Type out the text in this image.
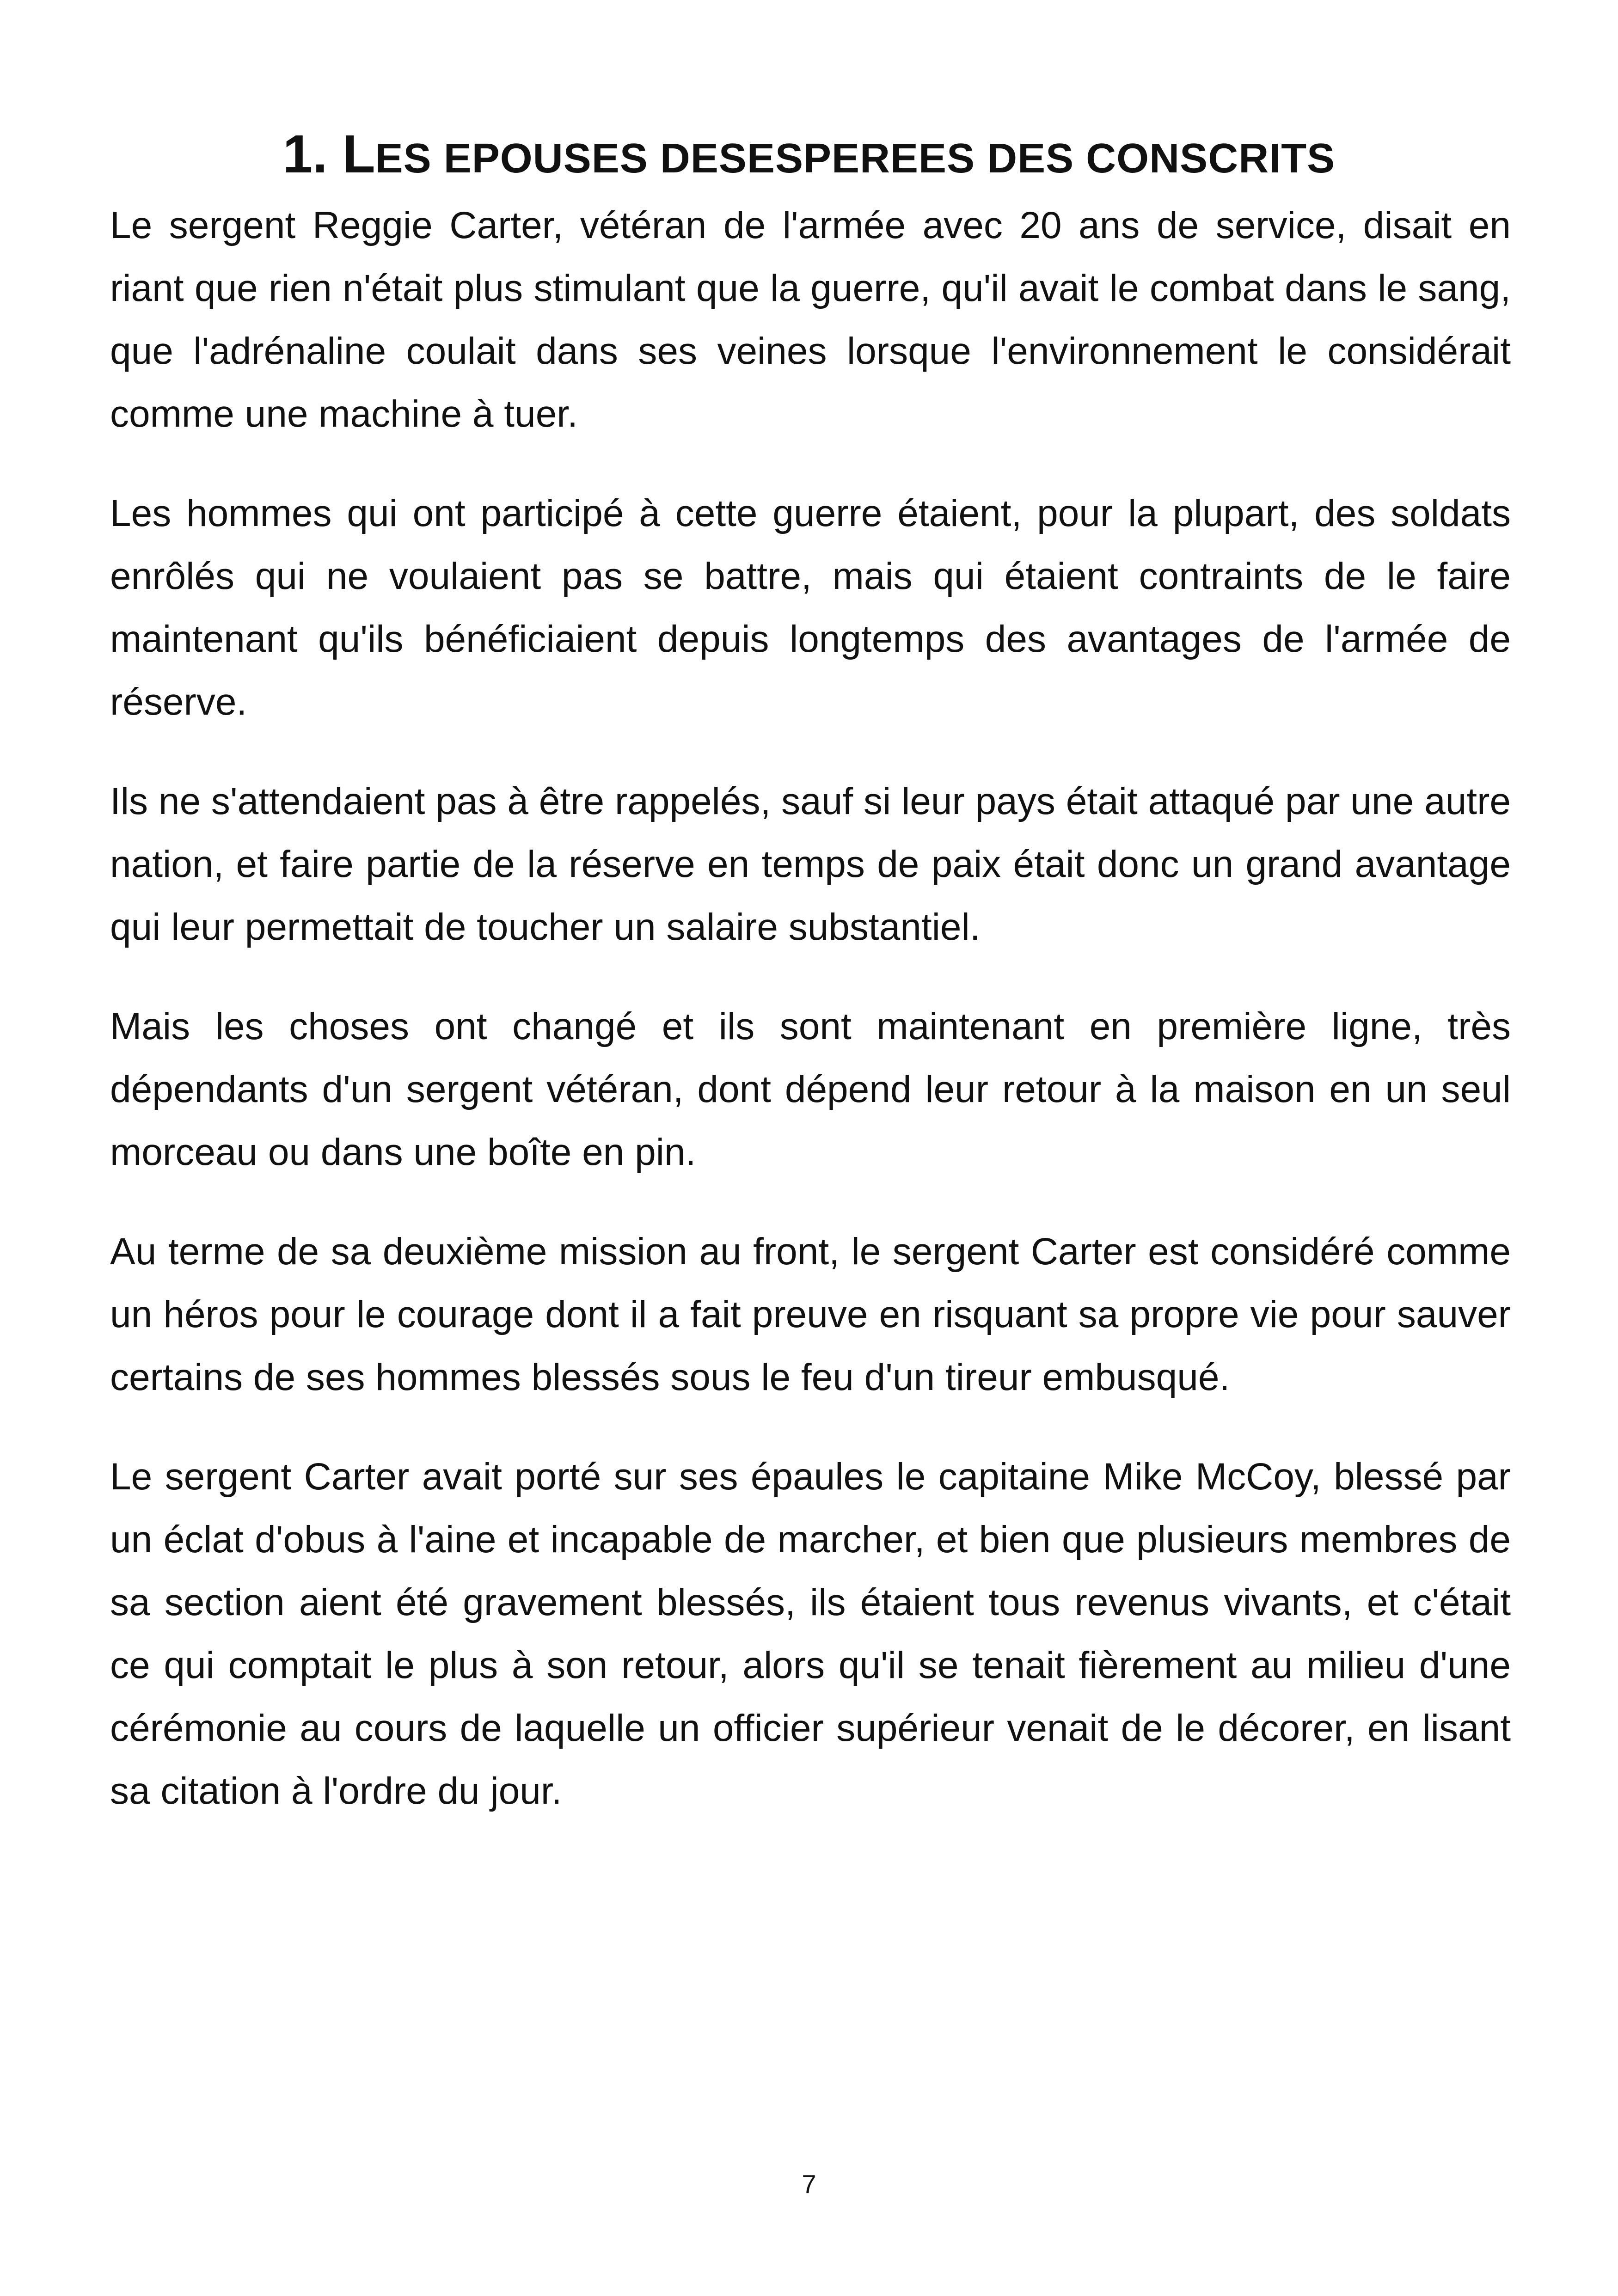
1. LES EPOUSES DESESPEREES DES CONSCRITS

Le sergent Reggie Carter, vétéran de l'armée avec 20 ans de service, disait en riant que rien n'était plus stimulant que la guerre, qu'il avait le combat dans le sang, que l'adrénaline coulait dans ses veines lorsque l'environnement le considérait comme une machine à tuer.

Les hommes qui ont participé à cette guerre étaient, pour la plupart, des soldats enrôlés qui ne voulaient pas se battre, mais qui étaient contraints de le faire maintenant qu'ils bénéficiaient depuis longtemps des avantages de l'armée de réserve.

Ils ne s'attendaient pas à être rappelés, sauf si leur pays était attaqué par une autre nation, et faire partie de la réserve en temps de paix était donc un grand avantage qui leur permettait de toucher un salaire substantiel.

Mais les choses ont changé et ils sont maintenant en première ligne, très dépendants d'un sergent vétéran, dont dépend leur retour à la maison en un seul morceau ou dans une boîte en pin.

Au terme de sa deuxième mission au front, le sergent Carter est considéré comme un héros pour le courage dont il a fait preuve en risquant sa propre vie pour sauver certains de ses hommes blessés sous le feu d'un tireur embusqué.

Le sergent Carter avait porté sur ses épaules le capitaine Mike McCoy, blessé par un éclat d'obus à l'aine et incapable de marcher, et bien que plusieurs membres de sa section aient été gravement blessés, ils étaient tous revenus vivants, et c'était ce qui comptait le plus à son retour, alors qu'il se tenait fièrement au milieu d'une cérémonie au cours de laquelle un officier supérieur venait de le décorer, en lisant sa citation à l'ordre du jour.

7
